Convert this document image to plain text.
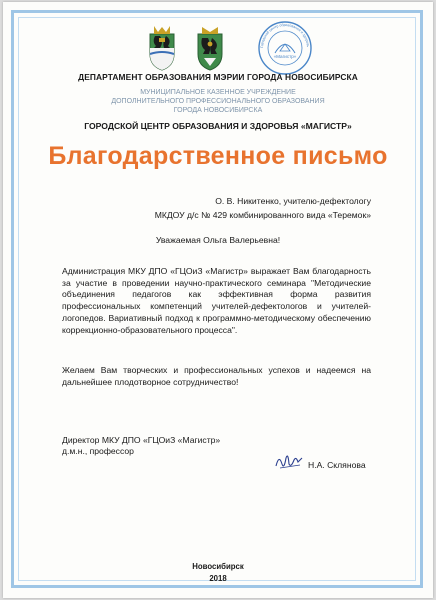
«Магистр»
Городской центр образования и здоровь
ДЕПАРТАМЕНТ ОБРАЗОВАНИЯ МЭРИИ ГОРОДА НОВОСИБИРСКА
МУНИЦИПАЛЬНОЕ КАЗЕННОЕ УЧРЕЖДЕНИЕ
ДОПОЛНИТЕЛЬНОГО ПРОФЕССИОНАЛЬНОГО ОБРАЗОВАНИЯ
ГОРОДА НОВОСИБИРСКА
ГОРОДСКОЙ ЦЕНТР ОБРАЗОВАНИЯ И ЗДОРОВЬЯ «МАГИСТР»
Благодарственное письмо
О. В. Никитенко, учителю-дефектологу
МКДОУ д/с № 429 комбинированного вида «Теремок»
Уважаемая Ольга Валерьевна!
Администрация МКУ ДПО «ГЦОиЗ «Магистр» выражает Вам благодарность за участие в проведении научно-практического семинара "Методические объединения педагогов как эффективная форма развития профессиональных компетенций учителей-дефектологов и учителей-логопедов. Вариативный подход к программно-методическому обеспечению коррекционно-образовательного процесса".
Желаем Вам творческих и профессиональных успехов и надеемся на дальнейшее плодотворное сотрудничество!
Директор МКУ ДПО «ГЦОиЗ «Магистр»
д.м.н., профессор
Н.А. Склянова
Новосибирск
2018
